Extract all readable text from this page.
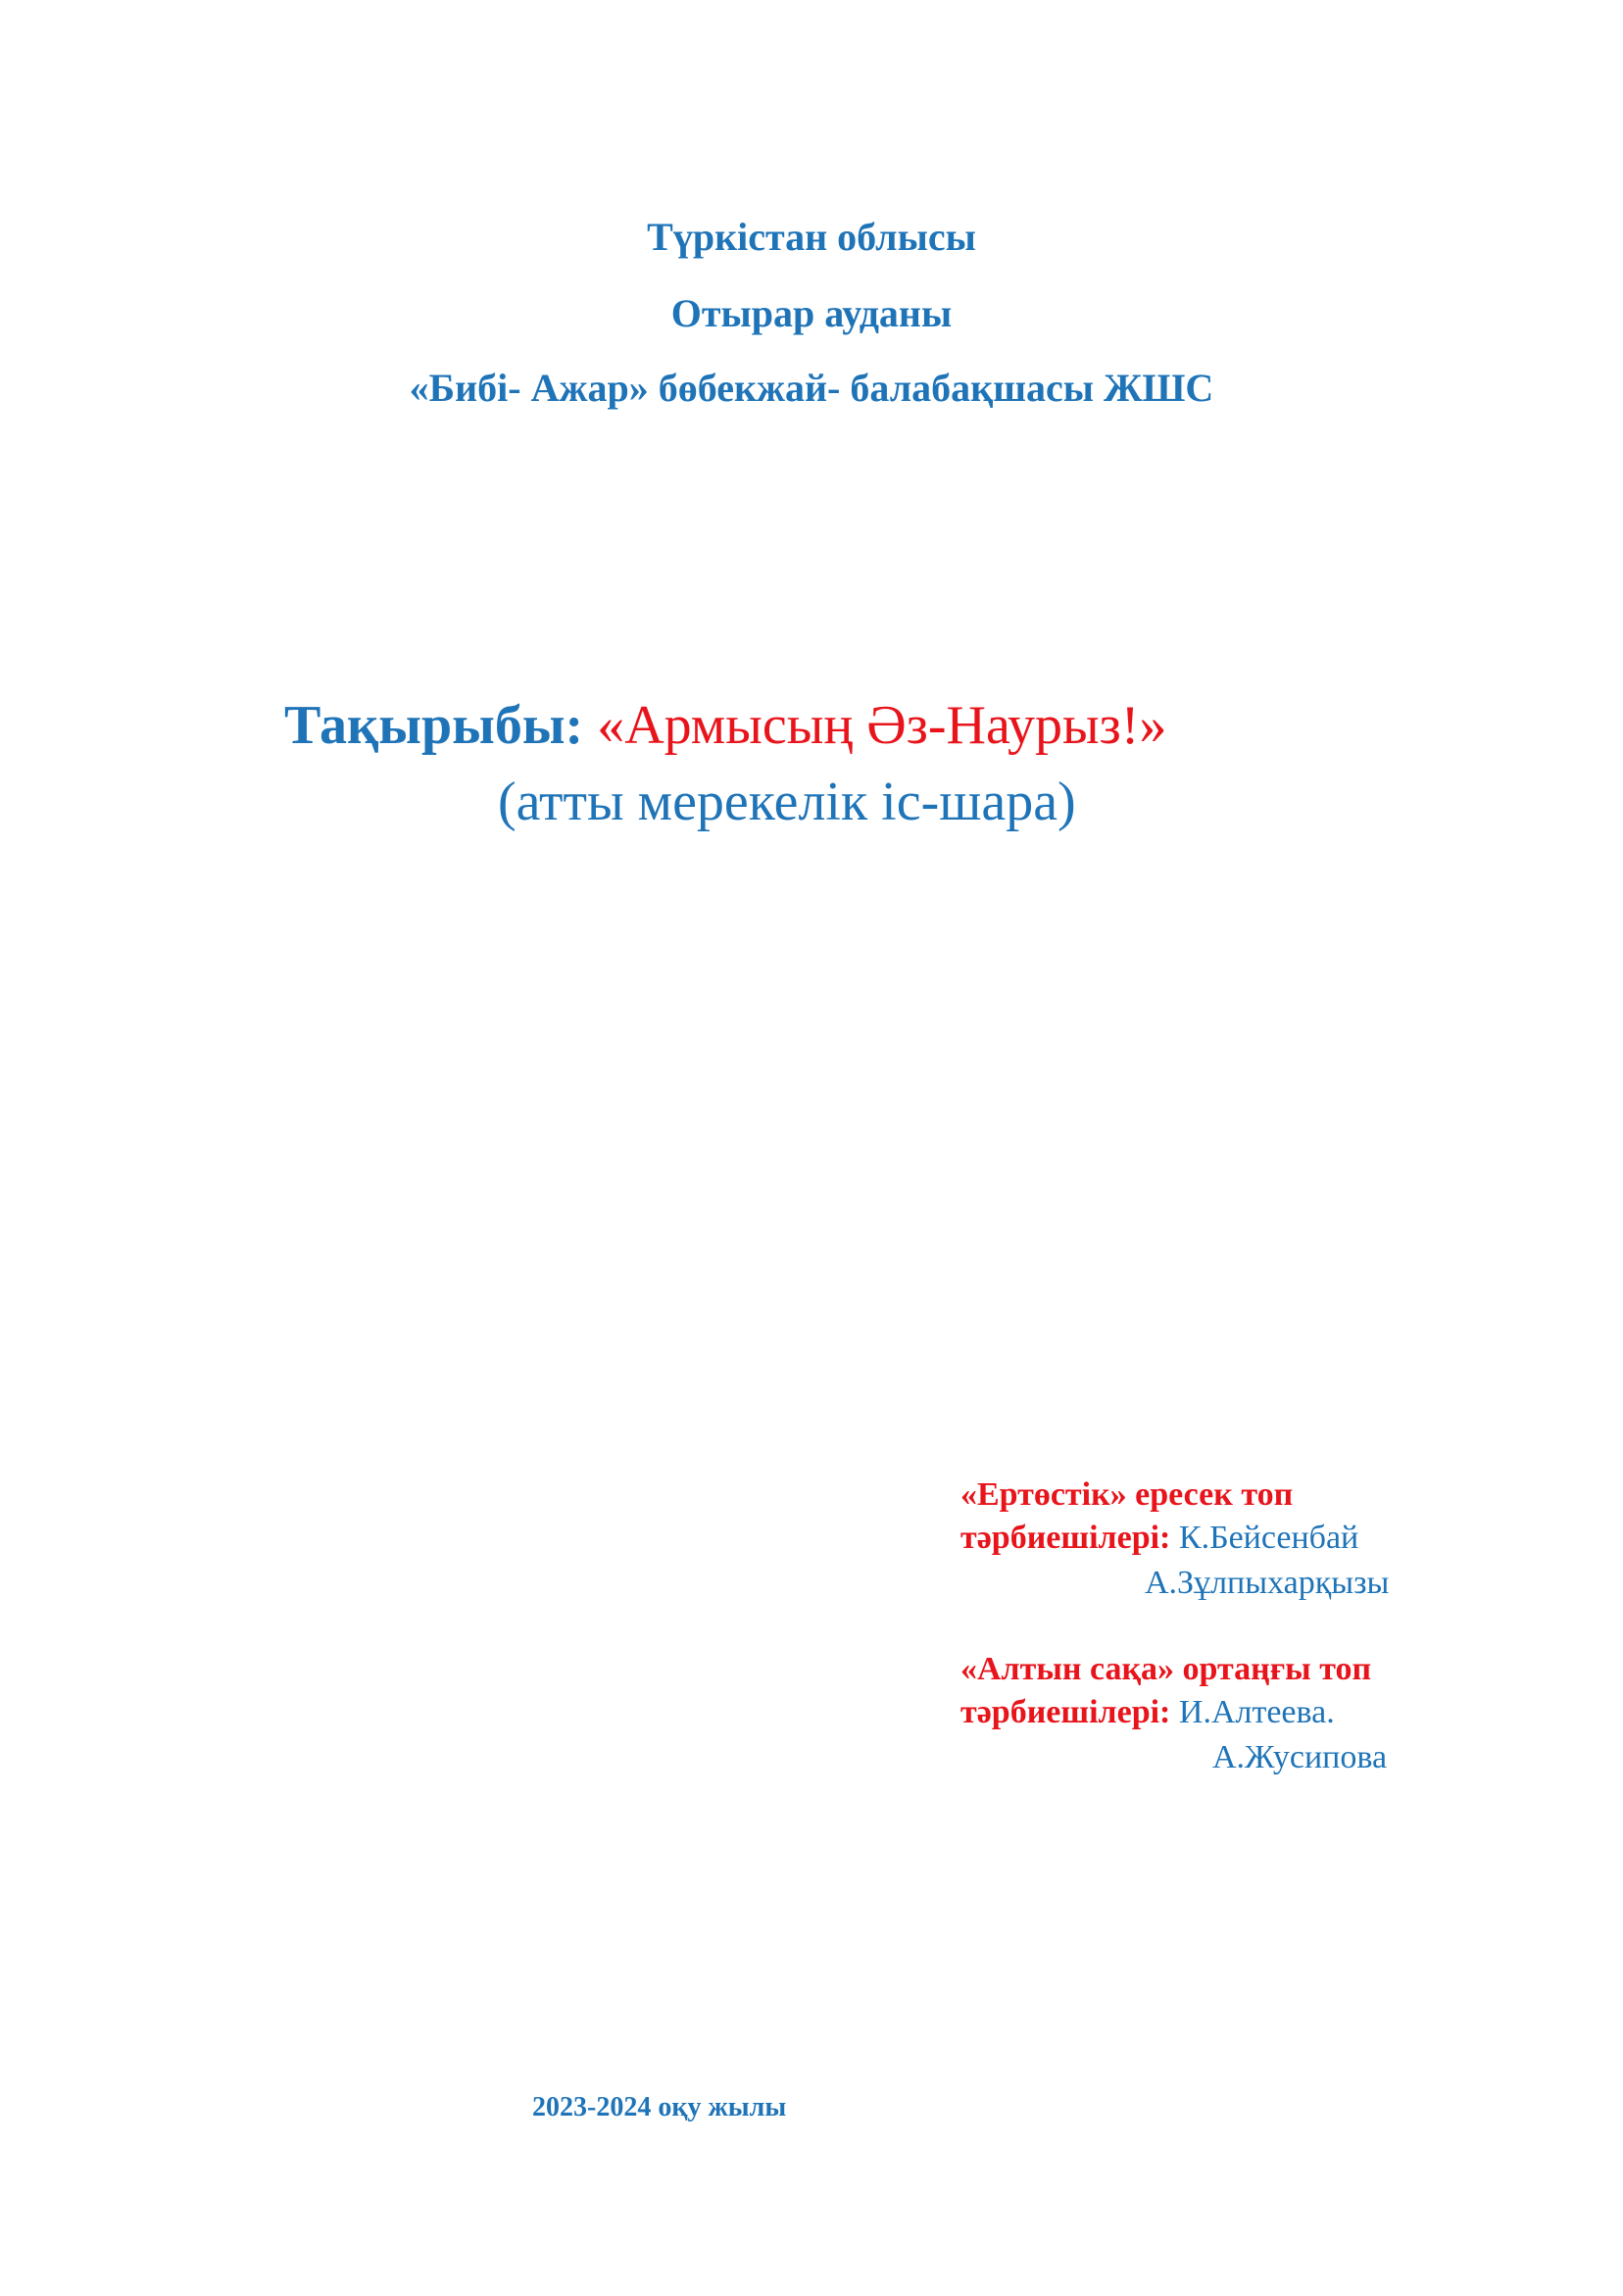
Түркістан облысы
Отырар ауданы
«Бибі- Ажар» бөбекжай- балабақшасы ЖШС
Тақырыбы: «Армысың Әз-Наурыз!»
(атты мерекелік іс-шара)
«Ертөстік» ересек топ
тәрбиешілері: К.Бейсенбай
А.Зұлпыхарқызы
«Алтын сақа» ортаңғы топ
тәрбиешілері: И.Алтеева.
А.Жусипова
2023-2024 оқу жылы
